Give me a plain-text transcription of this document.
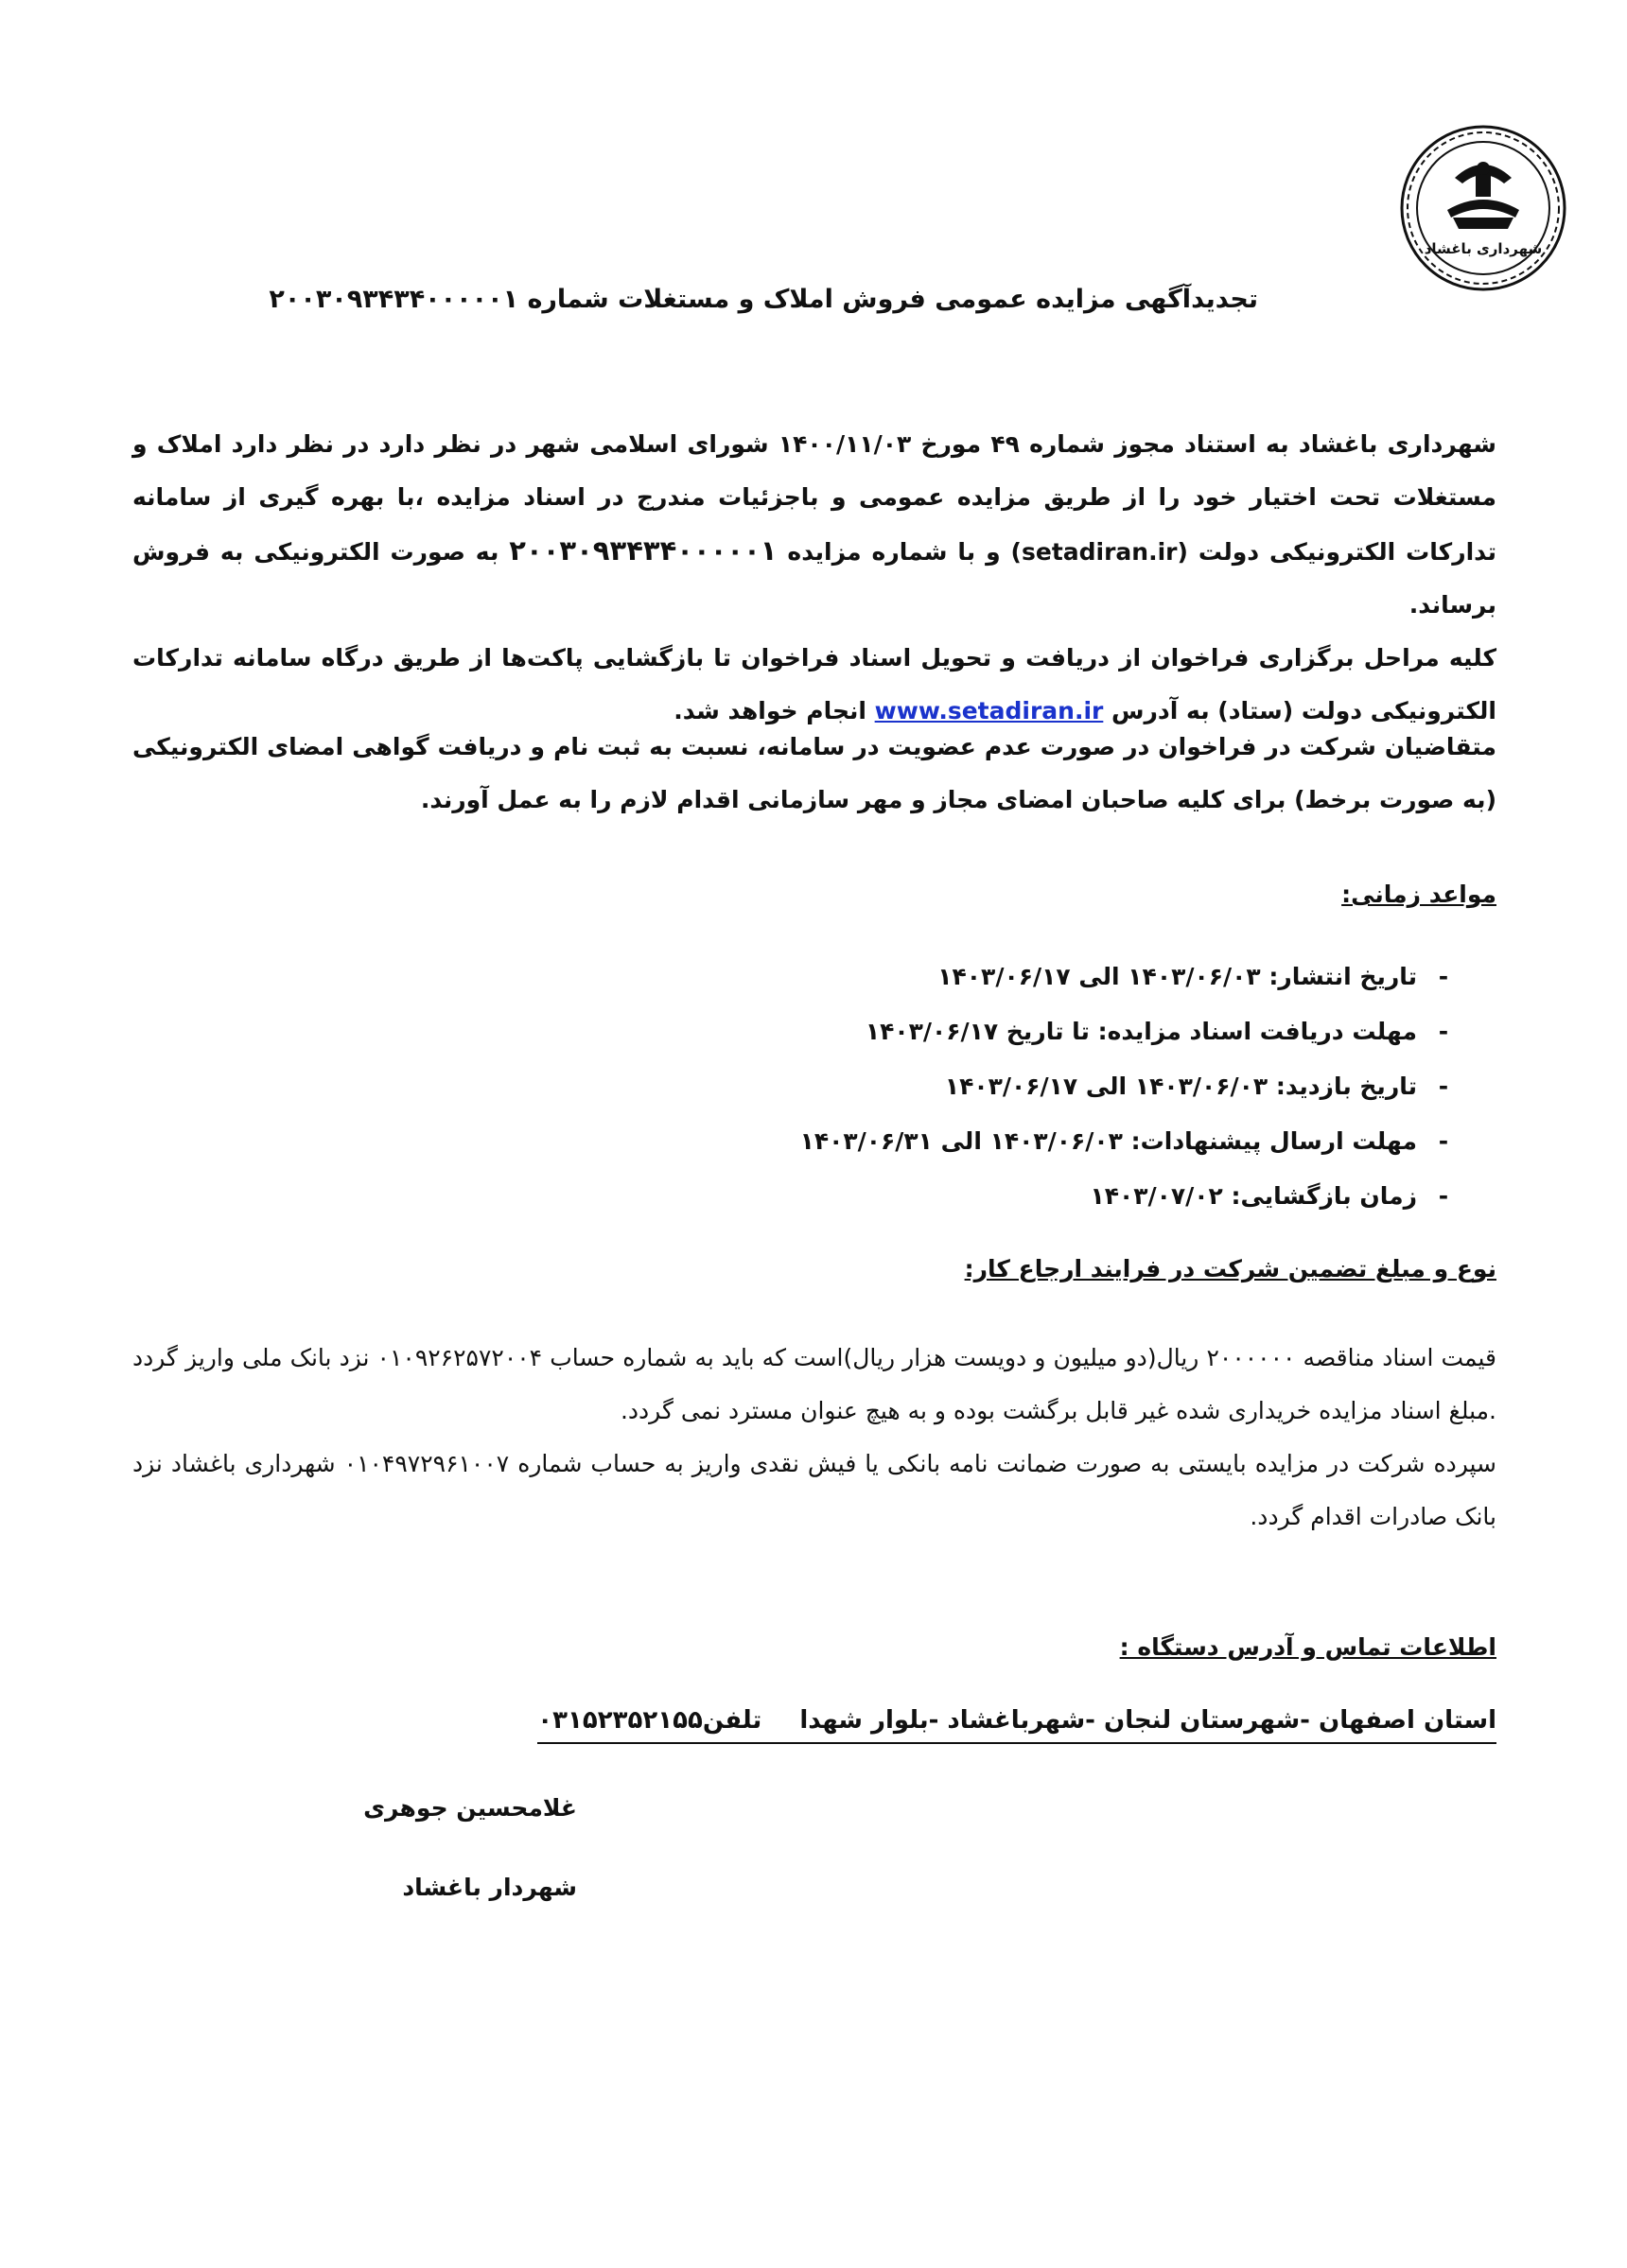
شهرداری باغشاد
تجدیدآگهی مزایده عمومی فروش املاک و مستغلات شماره ۲۰۰۳۰۹۳۴۳۴۰۰۰۰۰۱

شهرداری باغشاد به استناد مجوز شماره ۴۹ مورخ ۱۴۰۰/۱۱/۰۳ شورای اسلامی شهر در نظر دارد در نظر دارد املاک و مستغلات تحت اختیار خود را از طریق مزایده عمومی و باجزئیات مندرج در اسناد مزایده ،با بهره گیری از سامانه تدارکات الکترونیکی دولت (setadiran.ir) و با شماره مزایده ۲۰۰۳۰۹۳۴۳۴۰۰۰۰۰۱ به صورت الکترونیکی به فروش برساند.

کلیه مراحل برگزاری فراخوان از دریافت و تحویل اسناد فراخوان تا بازگشایی پاکت‌ها از طریق درگاه سامانه تدارکات الکترونیکی دولت (ستاد) به آدرس www.setadiran.ir انجام خواهد شد.

متقاضیان شرکت در فراخوان در صورت عدم عضویت در سامانه، نسبت به ثبت نام و دریافت گواهی امضای الکترونیکی (به صورت برخط) برای کلیه صاحبان امضای مجاز و مهر سازمانی اقدام لازم را به عمل آورند.

مواعد زمانی:
-تاریخ انتشار: ۱۴۰۳/۰۶/۰۳ الی ۱۴۰۳/۰۶/۱۷
-مهلت دریافت اسناد مزایده: تا تاریخ ۱۴۰۳/۰۶/۱۷
-تاریخ بازدید: ۱۴۰۳/۰۶/۰۳ الی ۱۴۰۳/۰۶/۱۷
-مهلت ارسال پیشنهادات: ۱۴۰۳/۰۶/۰۳ الی ۱۴۰۳/۰۶/۳۱
-زمان بازگشایی: ۱۴۰۳/۰۷/۰۲
نوع و مبلغ تضمین شرکت در فرایند ارجاع کار:

قیمت اسناد مناقصه ۲۰۰۰۰۰۰ ریال(دو میلیون و دویست هزار ریال)است که باید به شماره حساب ۰۱۰۹۲۶۲۵۷۲۰۰۴ نزد بانک ملی واریز گردد .مبلغ اسناد مزایده خریداری شده غیر قابل برگشت بوده و به هیچ عنوان مسترد نمی گردد.

سپرده شرکت در مزایده بایستی به صورت ضمانت نامه بانکی یا فیش نقدی واریز به حساب شماره ۰۱۰۴۹۷۲۹۶۱۰۰۷ شهرداری باغشاد نزد بانک صادرات اقدام گردد.

اطلاعات تماس و آدرس دستگاه :
استان اصفهان -شهرستان لنجان -شهرباغشاد -بلوار شهداتلفن۰۳۱۵۲۳۵۲۱۵۵
غلامحسین جوهری
شهردار باغشاد
